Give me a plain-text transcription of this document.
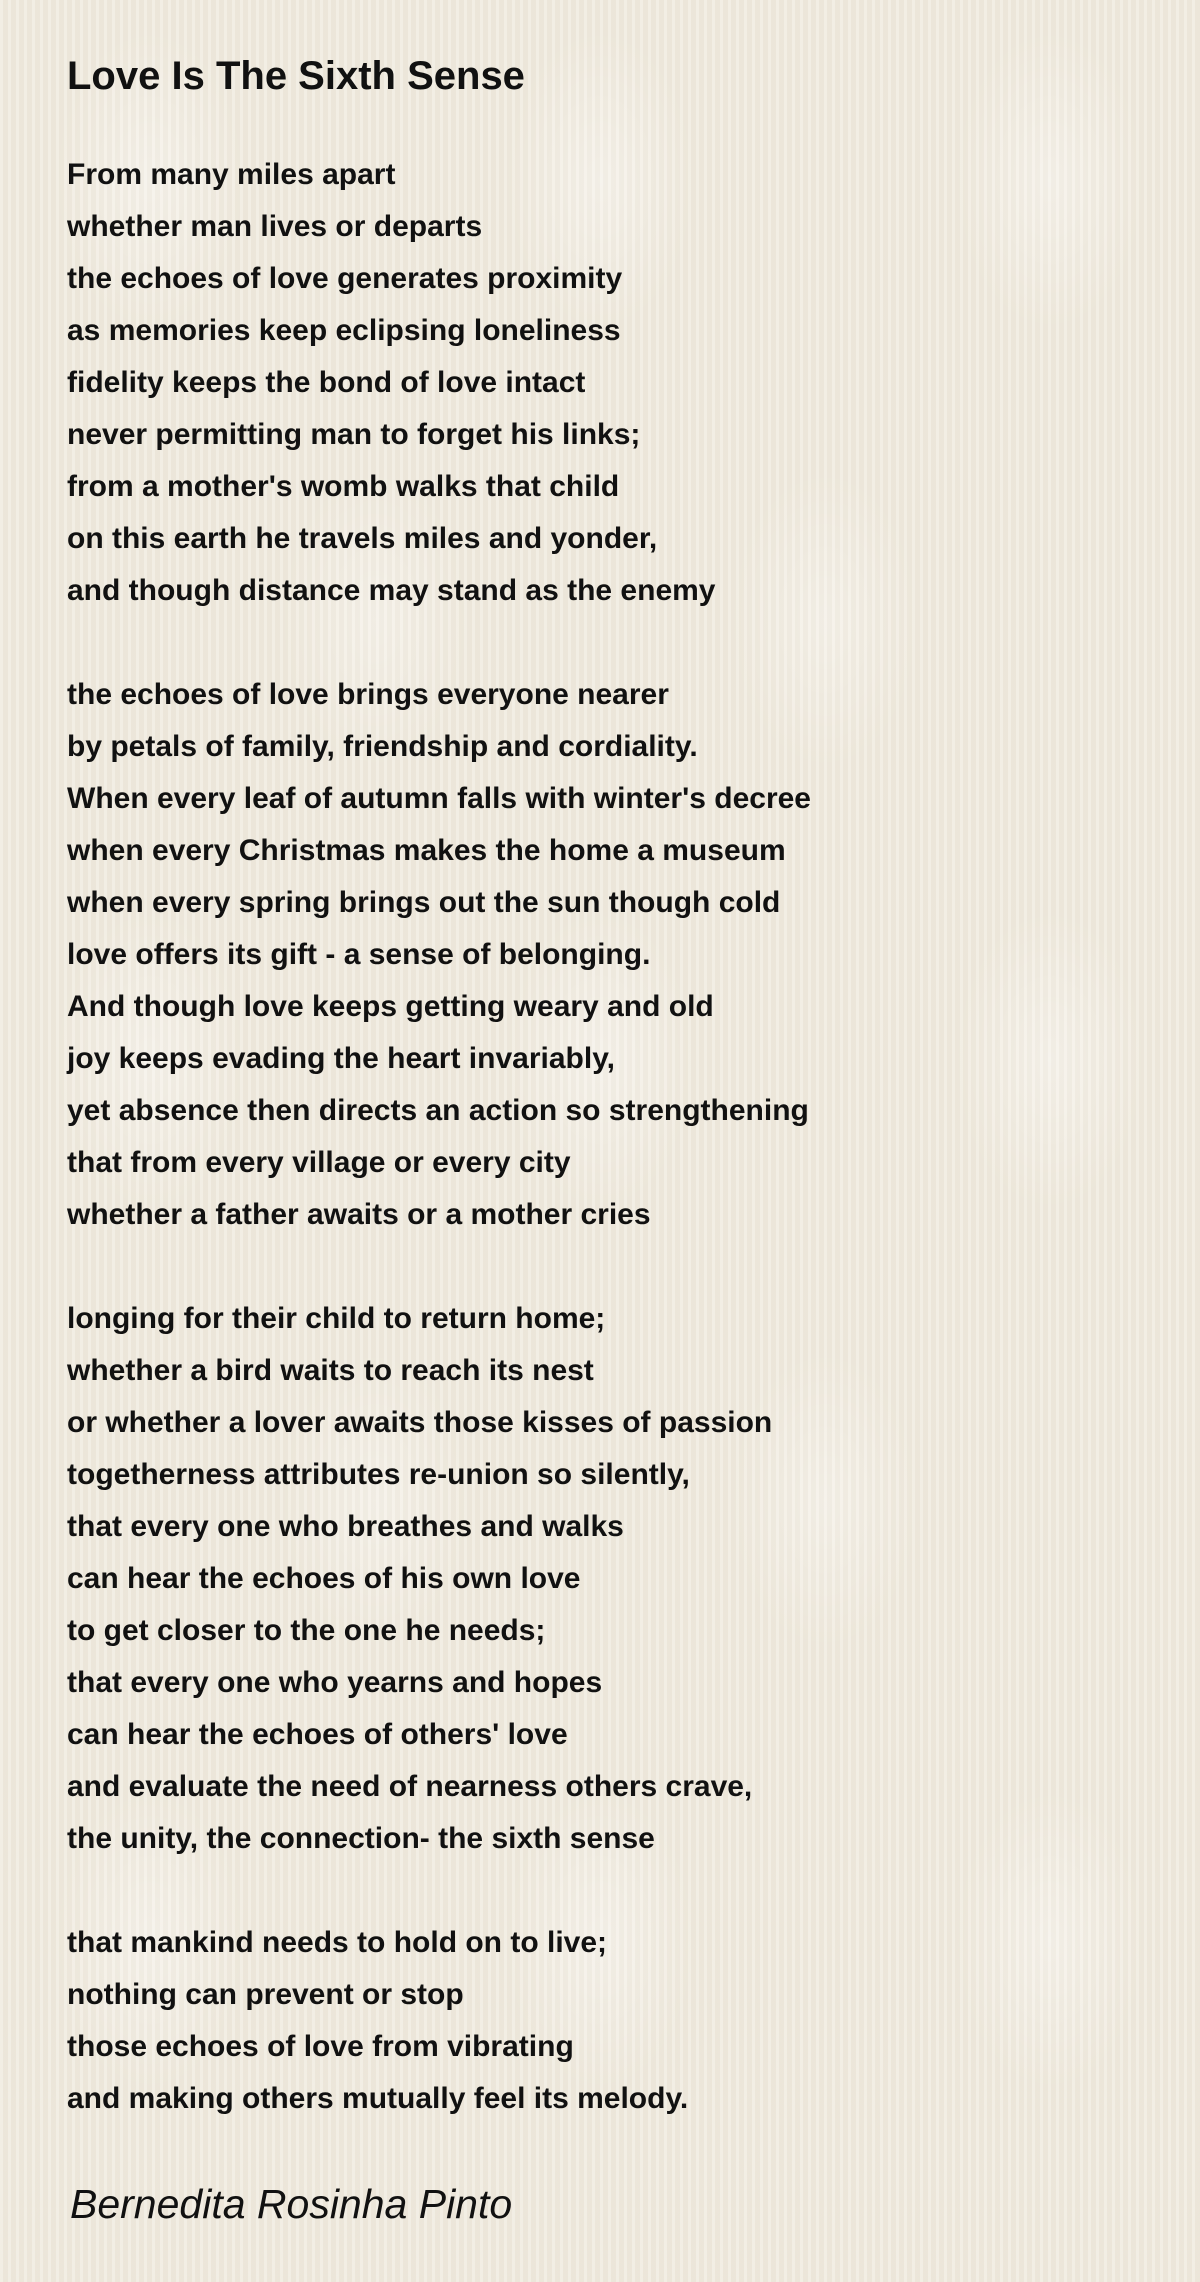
Love Is The Sixth Sense
From many miles apart
whether man lives or departs
the echoes of love generates proximity
as memories keep eclipsing loneliness
fidelity keeps the bond of love intact
never permitting man to forget his links;
from a mother's womb walks that child
on this earth he travels miles and yonder,
and though distance may stand as the enemy
the echoes of love brings everyone nearer
by petals of family, friendship and cordiality.
When every leaf of autumn falls with winter's decree
when every Christmas makes the home a museum
when every spring brings out the sun though cold
love offers its gift - a sense of belonging.
And though love keeps getting weary and old
joy keeps evading the heart invariably,
yet absence then directs an action so strengthening
that from every village or every city
whether a father awaits or a mother cries
longing for their child to return home;
whether a bird waits to reach its nest
or whether a lover awaits those kisses of passion
togetherness attributes re-union so silently,
that every one who breathes and walks
can hear the echoes of his own love
to get closer to the one he needs;
that every one who yearns and hopes
can hear the echoes of others' love
and evaluate the need of nearness others crave,
the unity, the connection- the sixth sense
that mankind needs to hold on to live;
nothing can prevent or stop
those echoes of love from vibrating
and making others mutually feel its melody.
Bernedita Rosinha Pinto
